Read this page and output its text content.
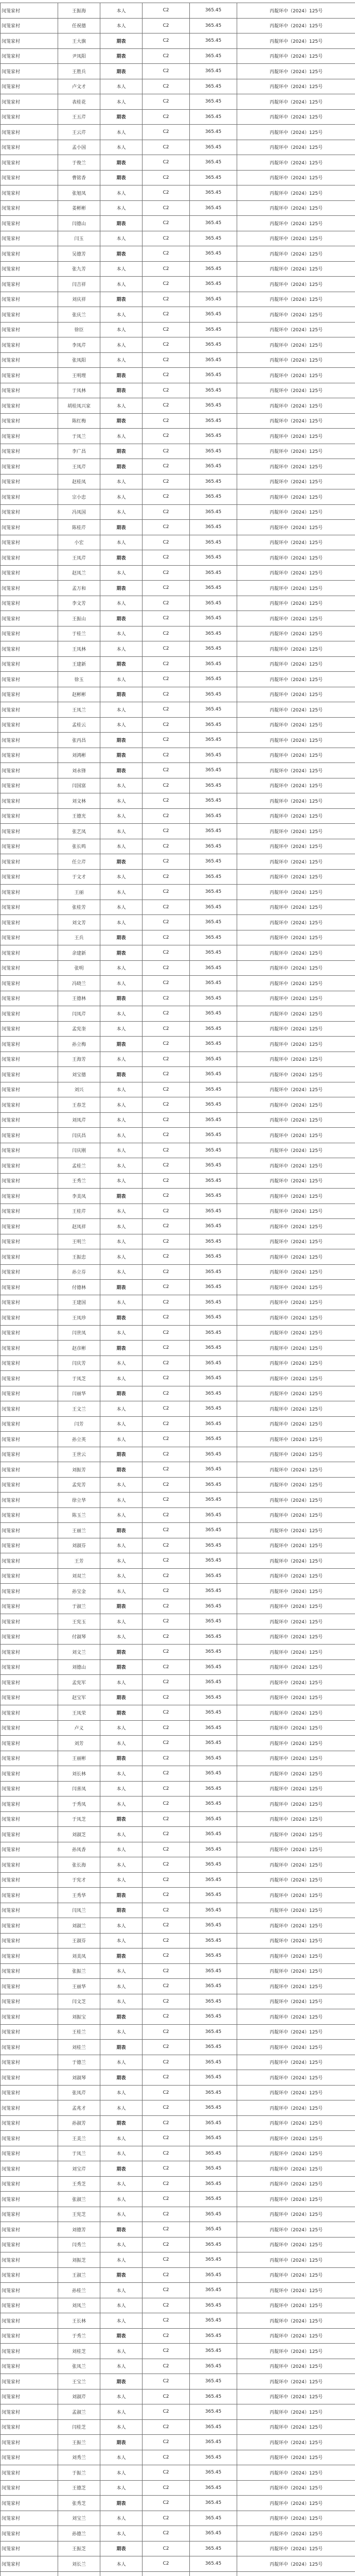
闵笼家村	王振海	本人	C2	365.45	丙靛环中（2024）125号
闵笼家村	任祝德	本人	C2	365.45	丙靛环中（2024）125号
闵笼家村	王大旗	期表	C2	365.45	丙靛环中（2024）125号
闵笼家村	尹凤阳	期表	C2	365.45	丙靛环中（2024）125号
闵笼家村	王胜兵	期表	C2	365.45	丙靛环中（2024）125号
闵笼家村	卢文才	本人	C2	365.45	丙靛环中（2024）125号
闵笼家村	表桂花	本人	C2	365.45	丙靛环中（2024）125号
闵笼家村	王五芹	期表	C2	365.45	丙靛环中（2024）125号
闵笼家村	王云芹	本人	C2	365.45	丙靛环中（2024）125号
闵笼家村	孟小国	本人	C2	365.45	丙靛环中（2024）125号
闵笼家村	于俊兰	期表	C2	365.45	丙靛环中（2024）125号
闵笼家村	曹铭香	期表	C2	365.45	丙靛环中（2024）125号
闵笼家村	张旭凤	本人	C2	365.45	丙靛环中（2024）125号
闵笼家村	姜彬彬	本人	C2	365.45	丙靛环中（2024）125号
闵笼家村	闫德山	期表	C2	365.45	丙靛环中（2024）125号
闵笼家村	闫玉	本人	C2	365.45	丙靛环中（2024）125号
闵笼家村	吴德芳	期表	C2	365.45	丙靛环中（2024）125号
闵笼家村	张九芳	本人	C2	365.45	丙靛环中（2024）125号
闵笼家村	闫吉祥	本人	C2	365.45	丙靛环中（2024）125号
闵笼家村	刘庆祥	期表	C2	365.45	丙靛环中（2024）125号
闵笼家村	张庆兰	本人	C2	365.45	丙靛环中（2024）125号
闵笼家村	徐臣	本人	C2	365.45	丙靛环中（2024）125号
闵笼家村	李凤芹	本人	C2	365.45	丙靛环中（2024）125号
闵笼家村	张凤阳	本人	C2	365.45	丙靛环中（2024）125号
闵笼家村	王明理	期表	C2	365.45	丙靛环中（2024）125号
闵笼家村	于凤林	期表	C2	365.45	丙靛环中（2024）125号
闵笼家村	胡桂凤兴家	本人	C2	365.45	丙靛环中（2024）125号
闵笼家村	陈红梅	期表	C2	365.45	丙靛环中（2024）125号
闵笼家村	于凤兰	本人	C2	365.45	丙靛环中（2024）125号
闵笼家村	李广昌	期表	C2	365.45	丙靛环中（2024）125号
闵笼家村	王凤芹	期表	C2	365.45	丙靛环中（2024）125号
闵笼家村	赵桂凤	本人	C2	365.45	丙靛环中（2024）125号
闵笼家村	宗小忠	本人	C2	365.45	丙靛环中（2024）125号
闵笼家村	冯凤国	本人	C2	365.45	丙靛环中（2024）125号
闵笼家村	陈桂芹	期表	C2	365.45	丙靛环中（2024）125号
闵笼家村	小宏	本人	C2	365.45	丙靛环中（2024）125号
闵笼家村	王凤芹	期表	C2	365.45	丙靛环中（2024）125号
闵笼家村	赵凤兰	本人	C2	365.45	丙靛环中（2024）125号
闵笼家村	孟万和	期表	C2	365.45	丙靛环中（2024）125号
闵笼家村	李文芳	本人	C2	365.45	丙靛环中（2024）125号
闵笼家村	王振山	期表	C2	365.45	丙靛环中（2024）125号
闵笼家村	于桂兰	本人	C2	365.45	丙靛环中（2024）125号
闵笼家村	王凤林	本人	C2	365.45	丙靛环中（2024）125号
闵笼家村	王建新	期表	C2	365.45	丙靛环中（2024）125号
闵笼家村	徐玉	本人	C2	365.45	丙靛环中（2024）125号
闵笼家村	赵彬彬	期表	C2	365.45	丙靛环中（2024）125号
闵笼家村	王凤兰	本人	C2	365.45	丙靛环中（2024）125号
闵笼家村	孟桂云	本人	C2	365.45	丙靛环中（2024）125号
闵笼家村	张丙昌	期表	C2	365.45	丙靛环中（2024）125号
闵笼家村	刘鸿彬	期表	C2	365.45	丙靛环中（2024）125号
闵笼家村	刘永锋	期表	C2	365.45	丙靛环中（2024）125号
闵笼家村	闫国富	本人	C2	365.45	丙靛环中（2024）125号
闵笼家村	刘文林	本人	C2	365.45	丙靛环中（2024）125号
闵笼家村	王德光	本人	C2	365.45	丙靛环中（2024）125号
闵笼家村	张艺凤	本人	C2	365.45	丙靛环中（2024）125号
闵笼家村	张长鸣	本人	C2	365.45	丙靛环中（2024）125号
闵笼家村	任立芹	期表	C2	365.45	丙靛环中（2024）125号
闵笼家村	于文才	本人	C2	365.45	丙靛环中（2024）125号
闵笼家村	王丽	本人	C2	365.45	丙靛环中（2024）125号
闵笼家村	张桂芳	本人	C2	365.45	丙靛环中（2024）125号
闵笼家村	刘文芳	本人	C2	365.45	丙靛环中（2024）125号
闵笼家村	王兵	期表	C2	365.45	丙靛环中（2024）125号
闵笼家村	余建新	期表	C2	365.45	丙靛环中（2024）125号
闵笼家村	张明	本人	C2	365.45	丙靛环中（2024）125号
闵笼家村	冯晓兰	本人	C2	365.45	丙靛环中（2024）125号
闵笼家村	王德林	期表	C2	365.45	丙靛环中（2024）125号
闵笼家村	闫凤芹	本人	C2	365.45	丙靛环中（2024）125号
闵笼家村	孟宪奎	本人	C2	365.45	丙靛环中（2024）125号
闵笼家村	孙立梅	期表	C2	365.45	丙靛环中（2024）125号
闵笼家村	王海芳	本人	C2	365.45	丙靛环中（2024）125号
闵笼家村	刘宝德	期表	C2	365.45	丙靛环中（2024）125号
闵笼家村	刘兴	本人	C2	365.45	丙靛环中（2024）125号
闵笼家村	王春芝	本人	C2	365.45	丙靛环中（2024）125号
闵笼家村	刘凤芹	本人	C2	365.45	丙靛环中（2024）125号
闵笼家村	闫庆昌	本人	C2	365.45	丙靛环中（2024）125号
闵笼家村	闫庆刚	本人	C2	365.45	丙靛环中（2024）125号
闵笼家村	孟桂兰	本人	C2	365.45	丙靛环中（2024）125号
闵笼家村	王秀兰	本人	C2	365.45	丙靛环中（2024）125号
闵笼家村	李美凤	期表	C2	365.45	丙靛环中（2024）125号
闵笼家村	王桂芹	本人	C2	365.45	丙靛环中（2024）125号
闵笼家村	赵凤祥	本人	C2	365.45	丙靛环中（2024）125号
闵笼家村	王明兰	本人	C2	365.45	丙靛环中（2024）125号
闵笼家村	王振忠	本人	C2	365.45	丙靛环中（2024）125号
闵笼家村	孙立芬	本人	C2	365.45	丙靛环中（2024）125号
闵笼家村	付德林	期表	C2	365.45	丙靛环中（2024）125号
闵笼家村	王建国	本人	C2	365.45	丙靛环中（2024）125号
闵笼家村	王凤珍	期表	C2	365.45	丙靛环中（2024）125号
闵笼家村	闫世凤	本人	C2	365.45	丙靛环中（2024）125号
闵笼家村	赵彦彬	期表	C2	365.45	丙靛环中（2024）125号
闵笼家村	闫庆芳	本人	C2	365.45	丙靛环中（2024）125号
闵笼家村	于凤芝	本人	C2	365.45	丙靛环中（2024）125号
闵笼家村	闫丽华	期表	C2	365.45	丙靛环中（2024）125号
闵笼家村	王文兰	本人	C2	365.45	丙靛环中（2024）125号
闵笼家村	闫芳	本人	C2	365.45	丙靛环中（2024）125号
闵笼家村	孙立英	本人	C2	365.45	丙靛环中（2024）125号
闵笼家村	王世云	期表	C2	365.45	丙靛环中（2024）125号
闵笼家村	刘振芳	期表	C2	365.45	丙靛环中（2024）125号
闵笼家村	孟宪芳	本人	C2	365.45	丙靛环中（2024）125号
闵笼家村	徐立华	本人	C2	365.45	丙靛环中（2024）125号
闵笼家村	陈玉兰	本人	C2	365.45	丙靛环中（2024）125号
闵笼家村	王丽兰	期表	C2	365.45	丙靛环中（2024）125号
闵笼家村	刘淑芬	本人	C2	365.45	丙靛环中（2024）125号
闵笼家村	王芳	本人	C2	365.45	丙靛环中（2024）125号
闵笼家村	刘双兰	本人	C2	365.45	丙靛环中（2024）125号
闵笼家村	孙宝金	本人	C2	365.45	丙靛环中（2024）125号
闵笼家村	于淑兰	期表	C2	365.45	丙靛环中（2024）125号
闵笼家村	王宪玉	本人	C2	365.45	丙靛环中（2024）125号
闵笼家村	付淑琴	本人	C2	365.45	丙靛环中（2024）125号
闵笼家村	刘文兰	期表	C2	365.45	丙靛环中（2024）125号
闵笼家村	刘德山	期表	C2	365.45	丙靛环中（2024）125号
闵笼家村	孟宪军	本人	C2	365.45	丙靛环中（2024）125号
闵笼家村	赵宝军	期表	C2	365.45	丙靛环中（2024）125号
闵笼家村	王凤荣	期表	C2	365.45	丙靛环中（2024）125号
闵笼家村	卢义	本人	C2	365.45	丙靛环中（2024）125号
闵笼家村	刘芳	本人	C2	365.45	丙靛环中（2024）125号
闵笼家村	王丽彬	期表	C2	365.45	丙靛环中（2024）125号
闵笼家村	刘长林	本人	C2	365.45	丙靛环中（2024）125号
闵笼家村	闫喜凤	本人	C2	365.45	丙靛环中（2024）125号
闵笼家村	于秀凤	本人	C2	365.45	丙靛环中（2024）125号
闵笼家村	于凤芝	期表	C2	365.45	丙靛环中（2024）125号
闵笼家村	刘淑芝	本人	C2	365.45	丙靛环中（2024）125号
闵笼家村	孙凤香	本人	C2	365.45	丙靛环中（2024）125号
闵笼家村	张长海	本人	C2	365.45	丙靛环中（2024）125号
闵笼家村	于宪才	本人	C2	365.45	丙靛环中（2024）125号
闵笼家村	王秀华	期表	C2	365.45	丙靛环中（2024）125号
闵笼家村	闫凤兰	期表	C2	365.45	丙靛环中（2024）125号
闵笼家村	刘淑兰	本人	C2	365.45	丙靛环中（2024）125号
闵笼家村	王淑芬	本人	C2	365.45	丙靛环中（2024）125号
闵笼家村	刘美凤	期表	C2	365.45	丙靛环中（2024）125号
闵笼家村	张振兰	本人	C2	365.45	丙靛环中（2024）125号
闵笼家村	王丽华	本人	C2	365.45	丙靛环中（2024）125号
闵笼家村	闫文芝	本人	C2	365.45	丙靛环中（2024）125号
闵笼家村	刘振宝	期表	C2	365.45	丙靛环中（2024）125号
闵笼家村	王桂兰	本人	C2	365.45	丙靛环中（2024）125号
闵笼家村	刘桂兰	期表	C2	365.45	丙靛环中（2024）125号
闵笼家村	于德兰	本人	C2	365.45	丙靛环中（2024）125号
闵笼家村	刘淑琴	期表	C2	365.45	丙靛环中（2024）125号
闵笼家村	张凤芹	本人	C2	365.45	丙靛环中（2024）125号
闵笼家村	孟兆才	本人	C2	365.45	丙靛环中（2024）125号
闵笼家村	孙淑芳	期表	C2	365.45	丙靛环中（2024）125号
闵笼家村	王美兰	本人	C2	365.45	丙靛环中（2024）125号
闵笼家村	于凤兰	本人	C2	365.45	丙靛环中（2024）125号
闵笼家村	刘宝芹	期表	C2	365.45	丙靛环中（2024）125号
闵笼家村	王秀芝	本人	C2	365.45	丙靛环中（2024）125号
闵笼家村	张淑兰	本人	C2	365.45	丙靛环中（2024）125号
闵笼家村	王宪芝	本人	C2	365.45	丙靛环中（2024）125号
闵笼家村	刘德芳	期表	C2	365.45	丙靛环中（2024）125号
闵笼家村	闫秀兰	本人	C2	365.45	丙靛环中（2024）125号
闵笼家村	刘振芝	本人	C2	365.45	丙靛环中（2024）125号
闵笼家村	王淑兰	期表	C2	365.45	丙靛环中（2024）125号
闵笼家村	孙桂兰	本人	C2	365.45	丙靛环中（2024）125号
闵笼家村	刘凤兰	本人	C2	365.45	丙靛环中（2024）125号
闵笼家村	王长林	本人	C2	365.45	丙靛环中（2024）125号
闵笼家村	于秀兰	期表	C2	365.45	丙靛环中（2024）125号
闵笼家村	刘桂芝	本人	C2	365.45	丙靛环中（2024）125号
闵笼家村	张凤兰	本人	C2	365.45	丙靛环中（2024）125号
闵笼家村	王宝兰	期表	C2	365.45	丙靛环中（2024）125号
闵笼家村	刘淑芹	本人	C2	365.45	丙靛环中（2024）125号
闵笼家村	孟淑兰	本人	C2	365.45	丙靛环中（2024）125号
闵笼家村	闫桂芝	本人	C2	365.45	丙靛环中（2024）125号
闵笼家村	王振兰	期表	C2	365.45	丙靛环中（2024）125号
闵笼家村	刘秀兰	本人	C2	365.45	丙靛环中（2024）125号
闵笼家村	于振兰	本人	C2	365.45	丙靛环中（2024）125号
闵笼家村	王德芝	本人	C2	365.45	丙靛环中（2024）125号
闵笼家村	张秀芝	期表	C2	365.45	丙靛环中（2024）125号
闵笼家村	刘宝兰	本人	C2	365.45	丙靛环中（2024）125号
闵笼家村	孙德兰	本人	C2	365.45	丙靛环中（2024）125号
闵笼家村	王振芝	期表	C2	365.45	丙靛环中（2024）125号
闵笼家村	刘长兰	本人	C2	365.45	丙靛环中（2024）125号
